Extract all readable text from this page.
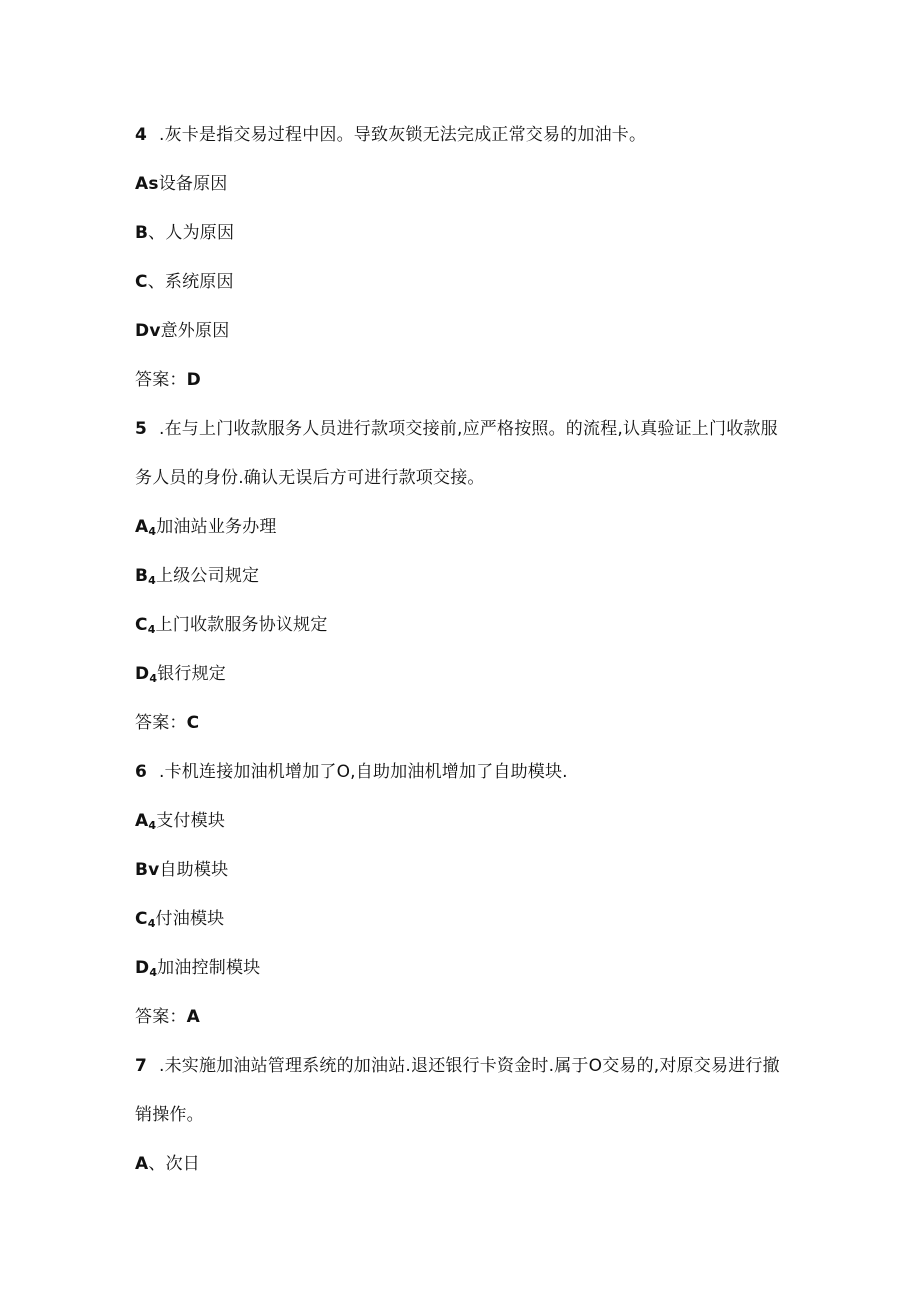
4 .灰卡是指交易过程中因。导致灰锁无法完成正常交易的加油卡。
As设备原因
B、人为原因
C、系统原因
Dv意外原因
答案：D
5 .在与上门收款服务人员进行款项交接前,应严格按照。的流程,认真验证上门收款服
务人员的身份.确认无误后方可进行款项交接。
$A_4$加油站业务办理
$B_4$上级公司规定
$C_4$上门收款服务协议规定
$D_4$银行规定
答案：C
6 .卡机连接加油机增加了O,自助加油机增加了自助模块.
$A_4$支付模块
Bv自助模块
$C_4$付油模块
$D_4$加油控制模块
答案：A
7 .未实施加油站管理系统的加油站.退还银行卡资金时.属于O交易的,对原交易进行撤
销操作。
A、次日
